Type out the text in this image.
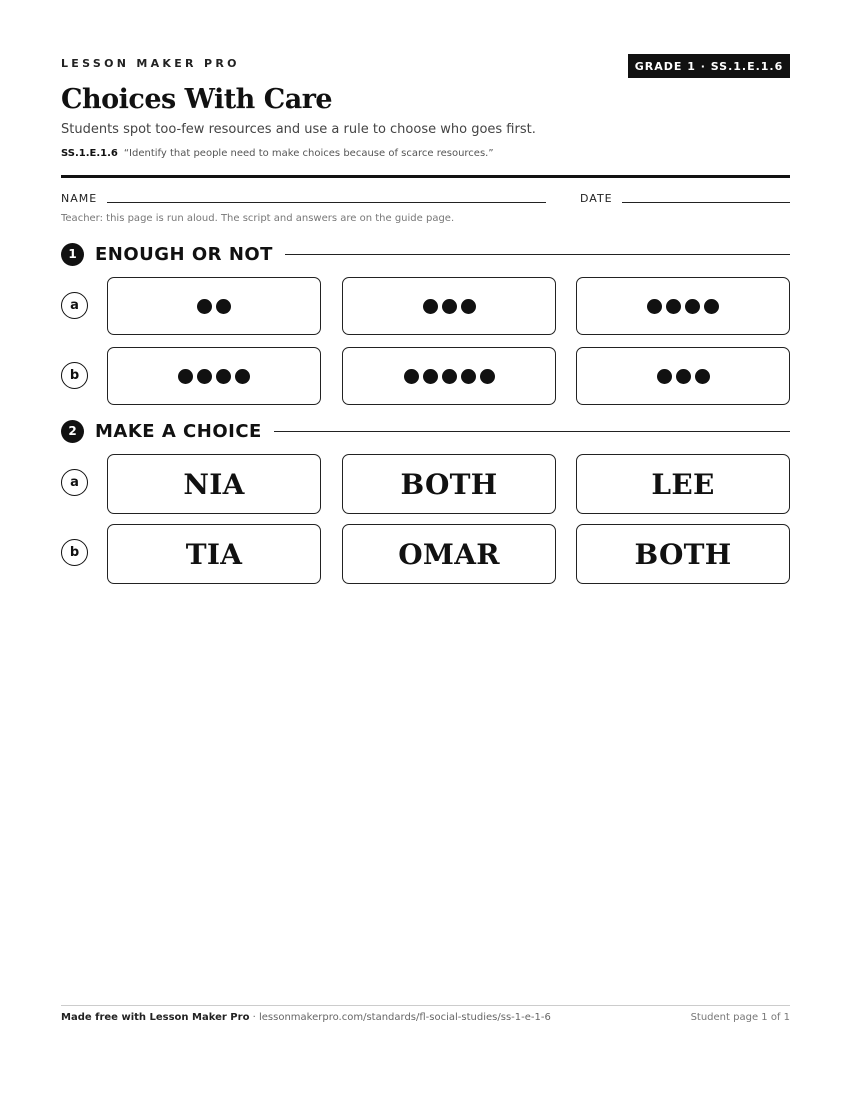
LESSON MAKER PRO	GRADE 1 · SS.1.E.1.6
Choices With Care
Students spot too-few resources and use a rule to choose who goes first.
SS.1.E.1.6 “Identify that people need to make choices because of scarce resources.”
NAME	DATE
Teacher: this page is run aloud. The script and answers are on the guide page.
1	ENOUGH OR NOT
a
b
2	MAKE A CHOICE
a	NIA	BOTH	LEE
b	TIA	OMAR	BOTH
Made free with Lesson Maker Pro · lessonmakerpro.com/standards/fl-social-studies/ss-1-e-1-6	Student page 1 of 1
